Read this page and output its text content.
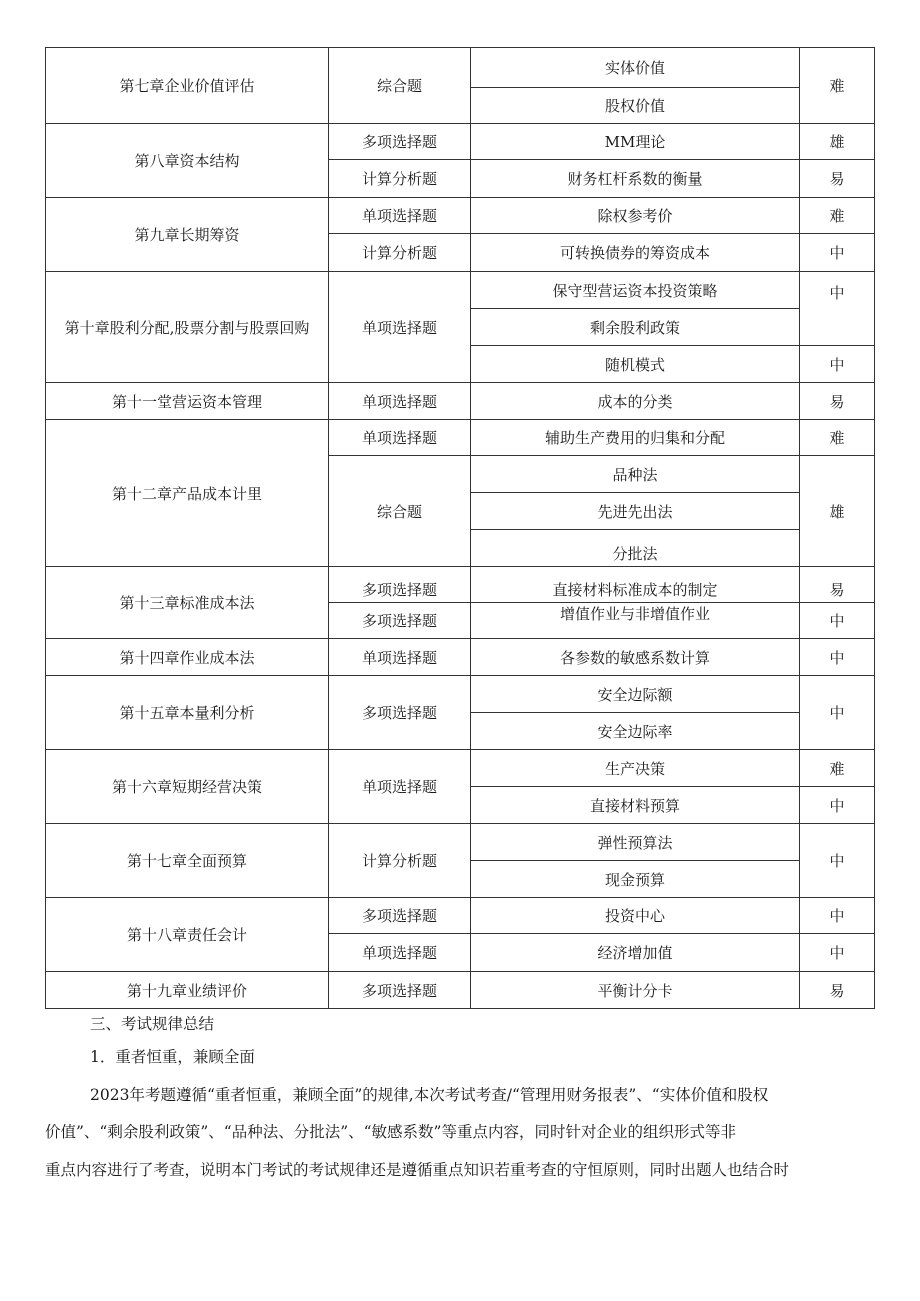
第七章企业价值评估	综合题	实体价值	难
		股权价值	
第八章资本结构	多项选择题	MM理论	雄
	计算分析题	财务杠杆系数的衡量	易
第九章长期筹资	单项选择题	除权参考价	难
	计算分析题	可转换债券的筹资成本	中
第十章股利分配,股票分割与股票回购	单项选择题	保守型营运资本投资策略	中
		剩余股利政策	
		随机模式	中
第十一堂营运资本管理	单项选择题	成本的分类	易
第十二章产品成本计里	单项选择题	辅助生产费用的归集和分配	难
	综合题	品种法	雄
		先进先出法	
		分批法	
第十三章标准成本法	多项选择题	直接材料标准成本的制定	易
	多项选择题	增值作业与非增值作业	中
第十四章作业成本法	单项选择题	各参数的敏感系数计算	中
第十五章本量利分析	多项选择题	安全边际额	中
		安全边际率	
第十六章短期经营决策	单项选择题	生产决策	难
		直接材料预算	中
第十七章全面预算	计算分析题	弹性预算法	中
		现金预算	
第十八章责任会计	多项选择题	投资中心	中
	单项选择题	经济增加值	中
第十九章业绩评价	多项选择题	平衡计分卡	易
三、考试规律总结
1．重者恒重，兼顾全面
2023年考题遵循“重者恒重，兼顾全面”的规律,本次考试考查/“管理用财务报表”、“实体价值和股权
价值”、“剩余股利政策”、“品种法、分批法”、“敏感系数”等重点内容，同时针对企业的组织形式等非
重点内容进行了考查，说明本门考试的考试规律还是遵循重点知识若重考查的守恒原则，同时出题人也结合时
